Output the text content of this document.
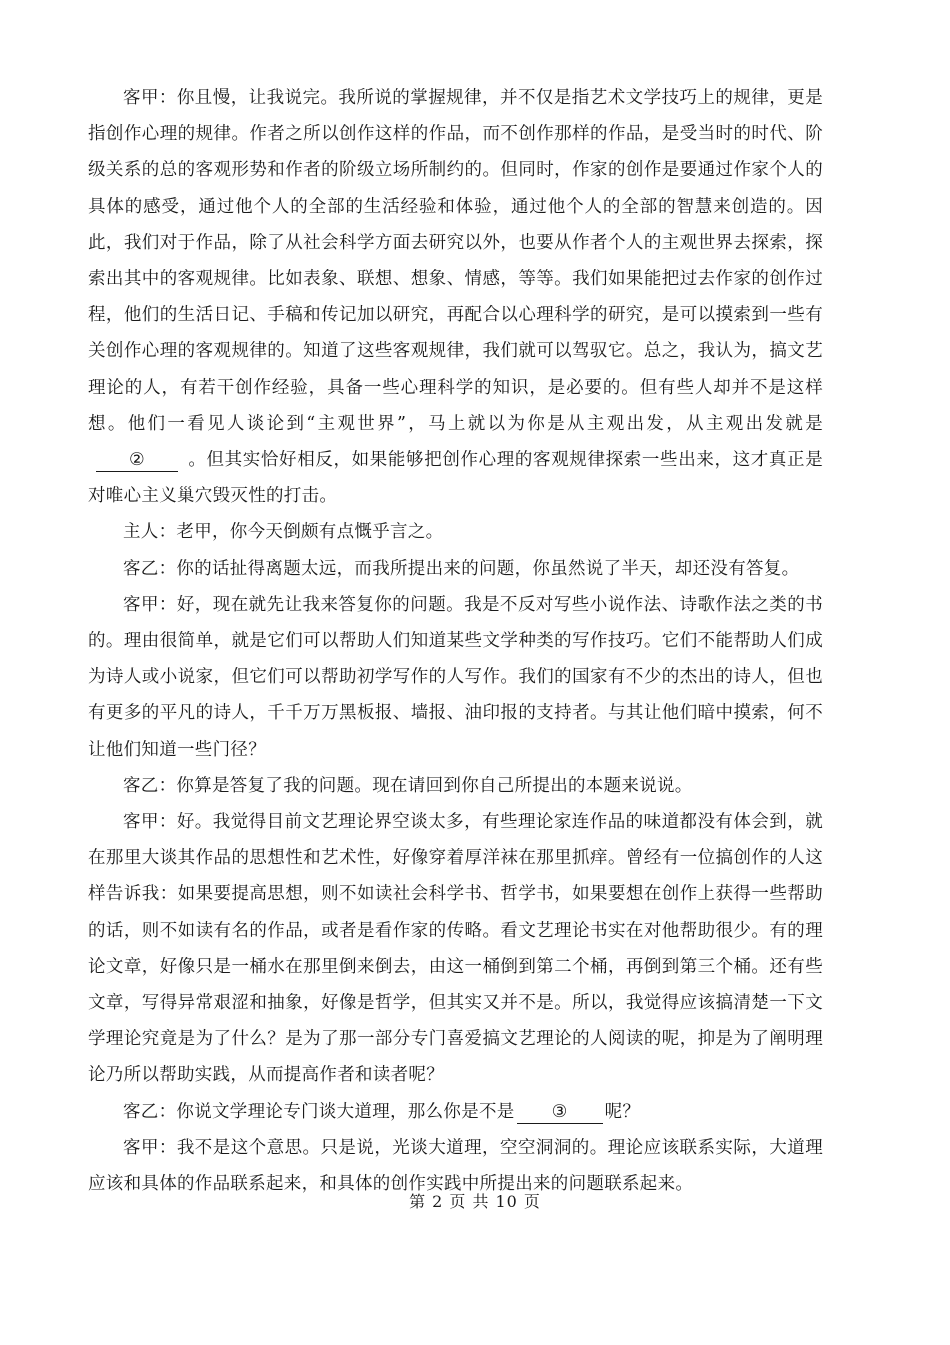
客甲：你且慢，让我说完。我所说的掌握规律，并不仅是指艺术文学技巧上的规律，更是指创作心理的规律。作者之所以创作这样的作品，而不创作那样的作品，是受当时的时代、阶级关系的总的客观形势和作者的阶级立场所制约的。但同时，作家的创作是要通过作家个人的具体的感受，通过他个人的全部的生活经验和体验，通过他个人的全部的智慧来创造的。因此，我们对于作品，除了从社会科学方面去研究以外，也要从作者个人的主观世界去探索，探索出其中的客观规律。比如表象、联想、想象、情感，等等。我们如果能把过去作家的创作过程，他们的生活日记、手稿和传记加以研究，再配合以心理科学的研究，是可以摸索到一些有关创作心理的客观规律的。知道了这些客观规律，我们就可以驾驭它。总之，我认为，搞文艺理论的人，有若干创作经验，具备一些心理科学的知识，是必要的。但有些人却并不是这样想。他们一看见人谈论到“主观世界”，马上就以为你是从主观出发，从主观出发就是② 。但其实恰好相反，如果能够把创作心理的客观规律探索一些出来，这才真正是对唯心主义巢穴毁灭性的打击。

主人：老甲，你今天倒颇有点慨乎言之。

客乙：你的话扯得离题太远，而我所提出来的问题，你虽然说了半天，却还没有答复。

客甲：好，现在就先让我来答复你的问题。我是不反对写些小说作法、诗歌作法之类的书的。理由很简单，就是它们可以帮助人们知道某些文学种类的写作技巧。它们不能帮助人们成为诗人或小说家，但它们可以帮助初学写作的人写作。我们的国家有不少的杰出的诗人，但也有更多的平凡的诗人，千千万万黑板报、墙报、油印报的支持者。与其让他们暗中摸索，何不让他们知道一些门径？

客乙：你算是答复了我的问题。现在请回到你自己所提出的本题来说说。

客甲：好。我觉得目前文艺理论界空谈太多，有些理论家连作品的味道都没有体会到，就在那里大谈其作品的思想性和艺术性，好像穿着厚洋袜在那里抓痒。曾经有一位搞创作的人这样告诉我：如果要提高思想，则不如读社会科学书、哲学书，如果要想在创作上获得一些帮助的话，则不如读有名的作品，或者是看作家的传略。看文艺理论书实在对他帮助很少。有的理论文章，好像只是一桶水在那里倒来倒去，由这一桶倒到第二个桶，再倒到第三个桶。还有些文章，写得异常艰涩和抽象，好像是哲学，但其实又并不是。所以，我觉得应该搞清楚一下文学理论究竟是为了什么？是为了那一部分专门喜爱搞文艺理论的人阅读的呢，抑是为了阐明理论乃所以帮助实践，从而提高作者和读者呢？

客乙：你说文学理论专门谈大道理，那么你是不是 ③ 呢？

客甲：我不是这个意思。只是说，光谈大道理，空空洞洞的。理论应该联系实际，大道理应该和具体的作品联系起来，和具体的创作实践中所提出来的问题联系起来。

第 2 页 共 10 页
